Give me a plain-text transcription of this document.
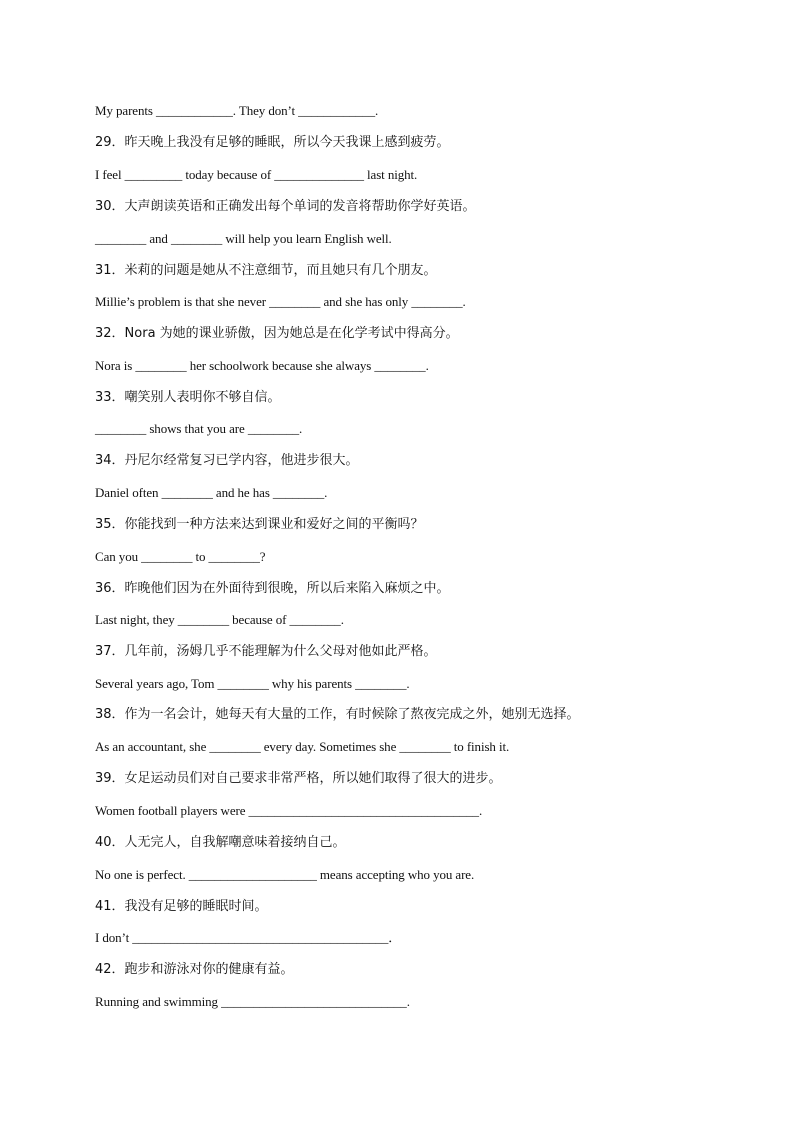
My parents ____________. They don’t ____________.
29．昨天晚上我没有足够的睡眠，所以今天我课上感到疲劳。
I feel _________ today because of ______________ last night.
30．大声朗读英语和正确发出每个单词的发音将帮助你学好英语。
________ and ________ will help you learn English well.
31．米莉的问题是她从不注意细节，而且她只有几个朋友。
Millie’s problem is that she never ________ and she has only ________.
32．Nora 为她的课业骄傲，因为她总是在化学考试中得高分。
Nora is ________ her schoolwork because she always ________.
33．嘲笑别人表明你不够自信。
________ shows that you are ________.
34．丹尼尔经常复习已学内容，他进步很大。
Daniel often ________ and he has ________.
35．你能找到一种方法来达到课业和爱好之间的平衡吗？
Can you ________ to ________?
36．昨晚他们因为在外面待到很晚，所以后来陷入麻烦之中。
Last night, they ________ because of ________.
37．几年前，汤姆几乎不能理解为什么父母对他如此严格。
Several years ago, Tom ________ why his parents ________.
38．作为一名会计，她每天有大量的工作，有时候除了熬夜完成之外，她别无选择。
As an accountant, she ________ every day. Sometimes she ________ to finish it.
39．女足运动员们对自己要求非常严格，所以她们取得了很大的进步。
Women football players were ____________________________________.
40．人无完人，自我解嘲意味着接纳自己。
No one is perfect. ____________________ means accepting who you are.
41．我没有足够的睡眠时间。
I don’t ________________________________________．
42．跑步和游泳对你的健康有益。
Running and swimming _____________________________.
